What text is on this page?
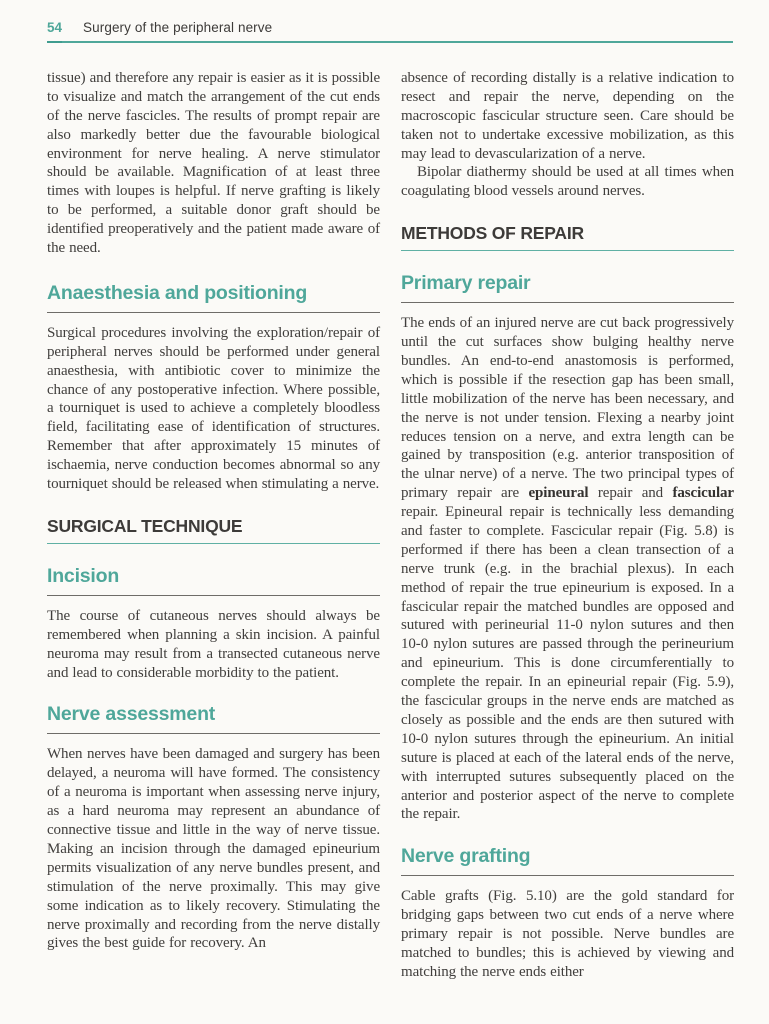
54 Surgery of the peripheral nerve

tissue) and therefore any repair is easier as it is possible to visualize and match the arrangement of the cut ends of the nerve fascicles. The results of prompt repair are also markedly better due the favourable biological environment for nerve healing. A nerve stimulator should be available. Magnification of at least three times with loupes is helpful. If nerve grafting is likely to be performed, a suitable donor graft should be identified preoperatively and the patient made aware of the need.

Anaesthesia and positioning

Surgical procedures involving the exploration/repair of peripheral nerves should be performed under general anaesthesia, with antibiotic cover to minimize the chance of any postoperative infection. Where possible, a tourniquet is used to achieve a completely bloodless field, facilitating ease of identification of structures. Remember that after approximately 15 minutes of ischaemia, nerve conduction becomes abnormal so any tourniquet should be released when stimulating a nerve.

SURGICAL TECHNIQUE
Incision

The course of cutaneous nerves should always be remembered when planning a skin incision. A painful neuroma may result from a transected cutaneous nerve and lead to considerable morbidity to the patient.

Nerve assessment

When nerves have been damaged and surgery has been delayed, a neuroma will have formed. The consistency of a neuroma is important when assessing nerve injury, as a hard neuroma may represent an abundance of connective tissue and little in the way of nerve tissue. Making an incision through the damaged epineurium permits visualization of any nerve bundles present, and stimulation of the nerve proximally. This may give some indication as to likely recovery. Stimulating the nerve proximally and recording from the nerve distally gives the best guide for recovery. An

absence of recording distally is a relative indication to resect and repair the nerve, depending on the macroscopic fascicular structure seen. Care should be taken not to undertake excessive mobilization, as this may lead to devascularization of a nerve.

Bipolar diathermy should be used at all times when coagulating blood vessels around nerves.

METHODS OF REPAIR
Primary repair

The ends of an injured nerve are cut back progressively until the cut surfaces show bulging healthy nerve bundles. An end-to-end anastomosis is performed, which is possible if the resection gap has been small, little mobilization of the nerve has been necessary, and the nerve is not under tension. Flexing a nearby joint reduces tension on a nerve, and extra length can be gained by transposition (e.g. anterior transposition of the ulnar nerve) of a nerve. The two principal types of primary repair are epineural repair and fascicular repair. Epineural repair is technically less demanding and faster to complete. Fascicular repair (Fig. 5.8) is performed if there has been a clean transection of a nerve trunk (e.g. in the brachial plexus). In each method of repair the true epineurium is exposed. In a fascicular repair the matched bundles are opposed and sutured with perineurial 11-0 nylon sutures and then 10-0 nylon sutures are passed through the perineurium and epineurium. This is done circumferentially to complete the repair. In an epineurial repair (Fig. 5.9), the fascicular groups in the nerve ends are matched as closely as possible and the ends are then sutured with 10-0 nylon sutures through the epineurium. An initial suture is placed at each of the lateral ends of the nerve, with interrupted sutures subsequently placed on the anterior and posterior aspect of the nerve to complete the repair.

Nerve grafting

Cable grafts (Fig. 5.10) are the gold standard for bridging gaps between two cut ends of a nerve where primary repair is not possible. Nerve bundles are matched to bundles; this is achieved by viewing and matching the nerve ends either
